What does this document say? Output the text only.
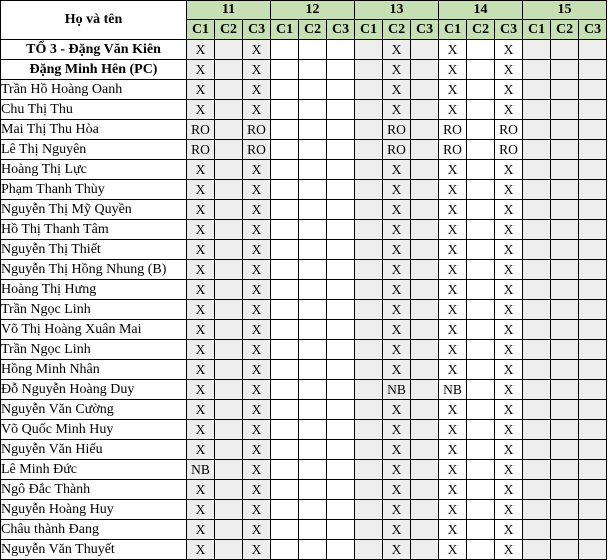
Họ và tên	11			12			13			14			15		
	C1	C2	C3	C1	C2	C3	C1	C2	C3	C1	C2	C3	C1	C2	C3
TỔ 3 - Đặng Văn Kiên	X		X					X		X		X			
Đặng Minh Hên (PC)	X		X					X		X		X			
Trần Hồ Hoàng Oanh	X		X					X		X		X			
Chu Thị Thu	X		X					X		X		X			
Mai Thị Thu Hòa	RO		RO					RO		RO		RO			
Lê Thị Nguyên	RO		RO					RO		RO		RO			
Hoàng Thị Lực	X		X					X		X		X			
Phạm Thanh Thùy	X		X					X		X		X			
Nguyễn Thị Mỹ Quyền	X		X					X		X		X			
Hồ Thị Thanh Tâm	X		X					X		X		X			
Nguyễn Thị Thiết	X		X					X		X		X			
Nguyễn Thị Hồng Nhung (B)	X		X					X		X		X			
Hoàng Thị Hưng	X		X					X		X		X			
Trần Ngọc Linh	X		X					X		X		X			
Võ Thị Hoàng Xuân Mai	X		X					X		X		X			
Trần Ngọc Linh	X		X					X		X		X			
Hồng Minh Nhân	X		X					X		X		X			
Đỗ Nguyễn Hoàng Duy	X		X					NB		NB		X			
Nguyễn Văn Cường	X		X					X		X		X			
Võ Quốc Minh Huy	X		X					X		X		X			
Nguyễn Văn Hiếu	X		X					X		X		X			
Lê Minh Đức	NB		X					X		X		X			
Ngô Đắc Thành	X		X					X		X		X			
Nguyễn Hoàng Huy	X		X					X		X		X			
Châu thành Đang	X		X					X		X		X			
Nguyễn Văn Thuyết	X		X					X		X		X			
